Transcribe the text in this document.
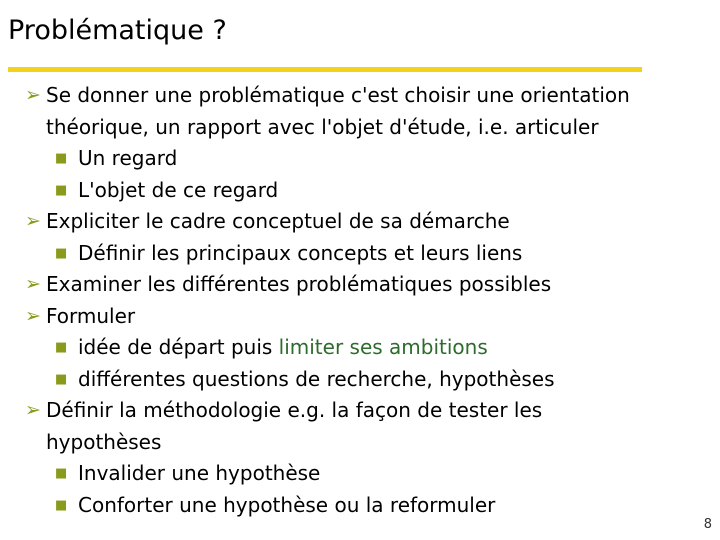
Problématique ?
➢ Se donner une problématique c'est choisir une orientation
théorique, un rapport avec l'objet d'étude, i.e. articuler
■ Un regard
■ L'objet de ce regard
➢ Expliciter le cadre conceptuel de sa démarche
■ Définir les principaux concepts et leurs liens
➢ Examiner les différentes problématiques possibles
➢ Formuler
■ idée de départ puis limiter ses ambitions
■ différentes questions de recherche, hypothèses
➢ Définir la méthodologie e.g. la façon de tester les
hypothèses
■ Invalider une hypothèse
■ Conforter une hypothèse ou la reformuler
8
